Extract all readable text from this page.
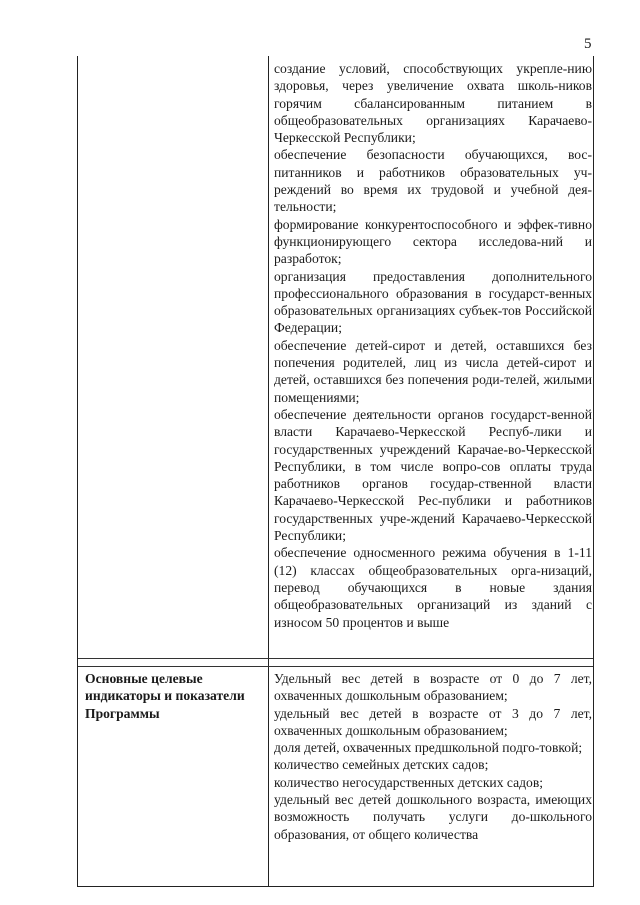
5

создание условий, способствующих укрепле-нию здоровья, через увеличение охвата школь-ников горячим сбалансированным питанием в общеобразовательных организациях Карачаево-Черкесской Республики;

обеспечение безопасности обучающихся, вос-питанников и работников образовательных уч-реждений во время их трудовой и учебной дея-тельности;

формирование конкурентоспособного и эффек-тивно функционирующего сектора исследова-ний и разработок;

организация предоставления дополнительного профессионального образования в государст-венных образовательных организациях субъек-тов Российской Федерации;

обеспечение детей-сирот и детей, оставшихся без попечения родителей, лиц из числа детей-сирот и детей, оставшихся без попечения роди-телей, жилыми помещениями;

обеспечение деятельности органов государст-венной власти Карачаево-Черкесской Респуб-лики и государственных учреждений Карачае-во-Черкесской Республики, в том числе вопро-сов оплаты труда работников органов государ-ственной власти Карачаево-Черкесской Рес-публики и работников государственных учре-ждений Карачаево-Черкесской Республики;

обеспечение односменного режима обучения в 1-11 (12) классах общеобразовательных орга-низаций, перевод обучающихся в новые здания общеобразовательных организаций из зданий с износом 50 процентов и выше

Основные целевые индикаторы и показатели Программы

Удельный вес детей в возрасте от 0 до 7 лет, охваченных дошкольным образованием;

удельный вес детей в возрасте от 3 до 7 лет, охваченных дошкольным образованием;

доля детей, охваченных предшкольной подго-товкой;

количество семейных детских садов;

количество негосударственных детских садов;

удельный вес детей дошкольного возраста, имеющих возможность получать услуги до-школьного образования, от общего количества
